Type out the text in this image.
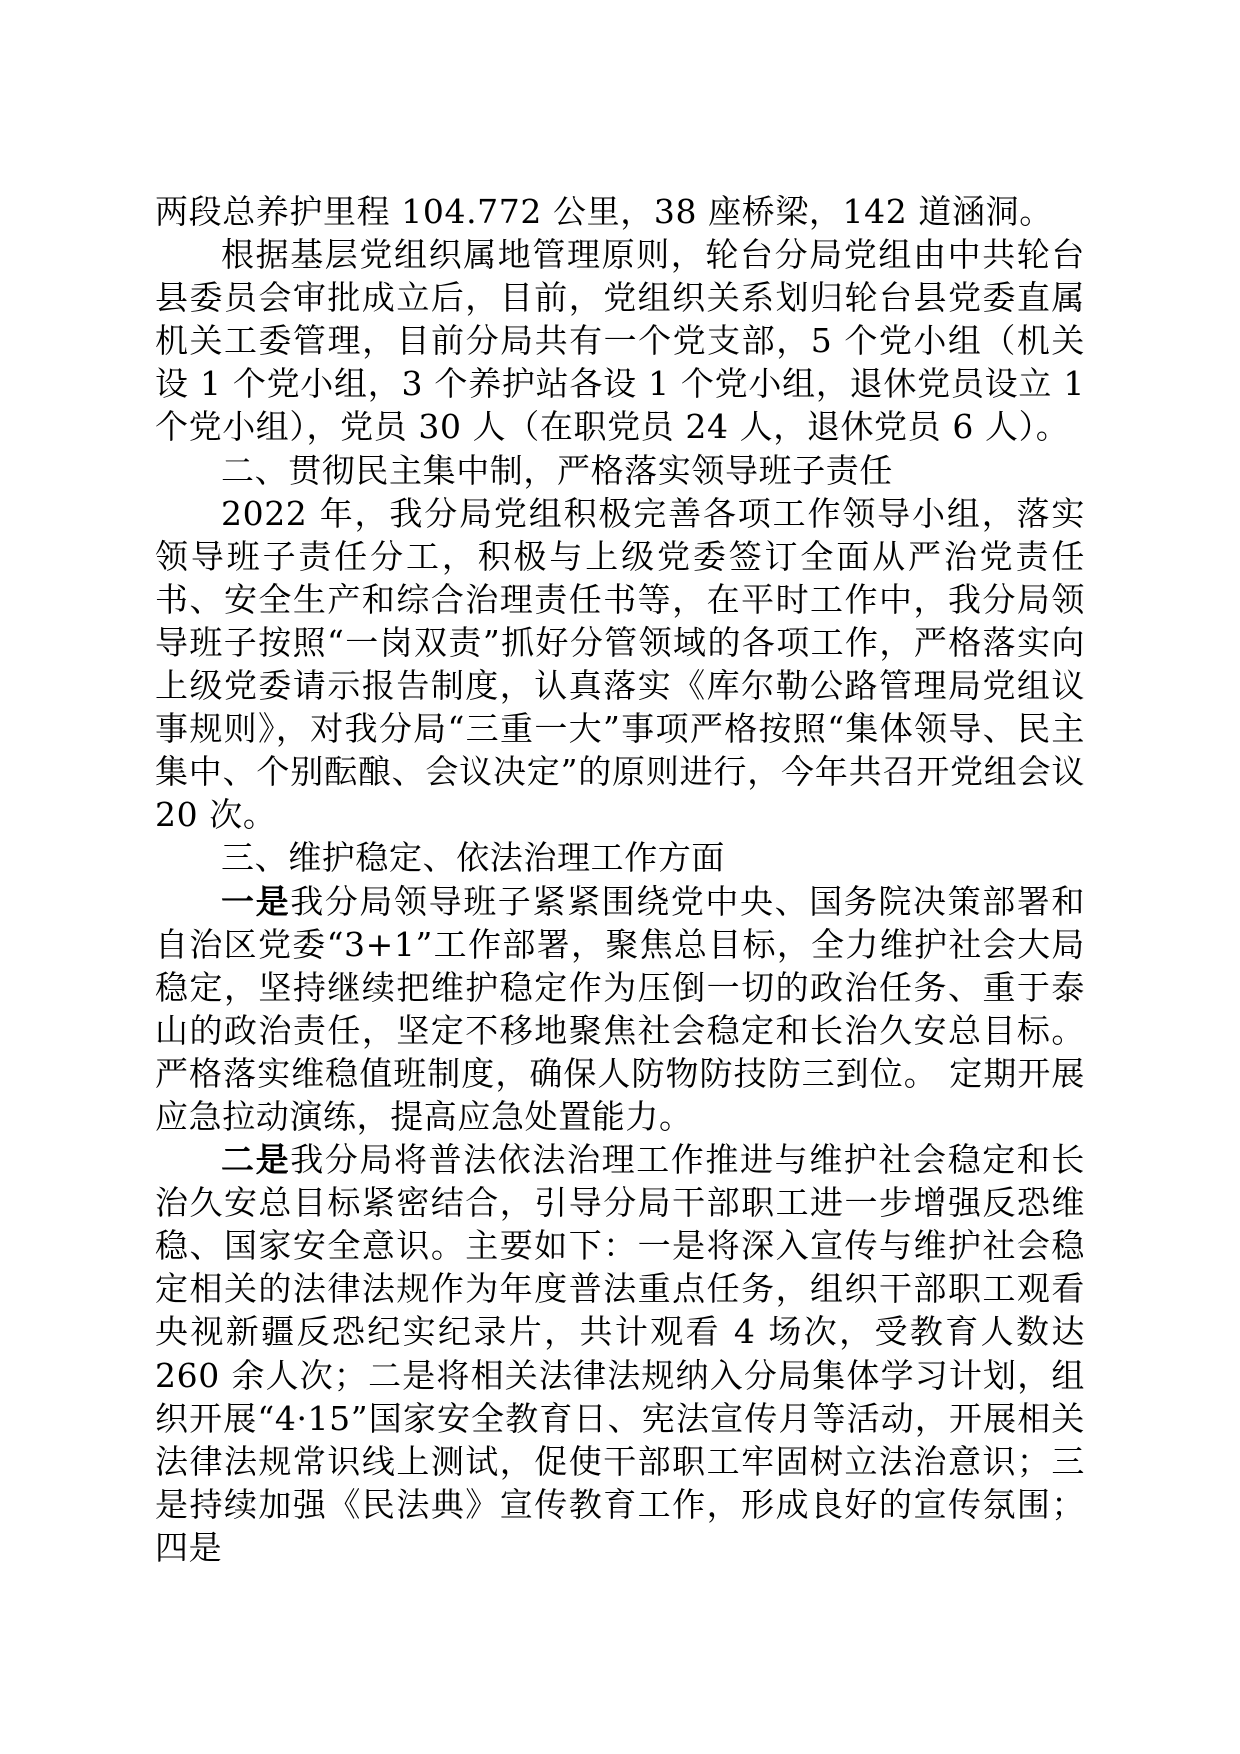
两段总养护里程 104.772 公里，38 座桥梁，142 道涵洞。

根据基层党组织属地管理原则，轮台分局党组由中共轮台县委员会审批成立后，目前，党组织关系划归轮台县党委直属机关工委管理，目前分局共有一个党支部，5 个党小组（机关设 1 个党小组，3 个养护站各设 1 个党小组，退休党员设立 1 个党小组），党员 30 人（在职党员 24 人，退休党员 6 人）。

二、贯彻民主集中制，严格落实领导班子责任

2022 年，我分局党组积极完善各项工作领导小组，落实领导班子责任分工，积极与上级党委签订全面从严治党责任书、安全生产和综合治理责任书等，在平时工作中，我分局领导班子按照“一岗双责”抓好分管领域的各项工作，严格落实向上级党委请示报告制度，认真落实《库尔勒公路管理局党组议事规则》，对我分局“三重一大”事项严格按照“集体领导、民主集中、个别酝酿、会议决定”的原则进行，今年共召开党组会议 20 次。

三、维护稳定、依法治理工作方面

一是我分局领导班子紧紧围绕党中央、国务院决策部署和自治区党委“3+1”工作部署，聚焦总目标，全力维护社会大局稳定，坚持继续把维护稳定作为压倒一切的政治任务、重于泰山的政治责任，坚定不移地聚焦社会稳定和长治久安总目标。 严格落实维稳值班制度，确保人防物防技防三到位。 定期开展应急拉动演练，提高应急处置能力。

二是我分局将普法依法治理工作推进与维护社会稳定和长治久安总目标紧密结合，引导分局干部职工进一步增强反恐维稳、国家安全意识。主要如下：一是将深入宣传与维护社会稳定相关的法律法规作为年度普法重点任务，组织干部职工观看央视新疆反恐纪实纪录片，共计观看 4 场次，受教育人数达 260 余人次；二是将相关法律法规纳入分局集体学习计划，组织开展“4·15”国家安全教育日、宪法宣传月等活动，开展相关法律法规常识线上测试，促使干部职工牢固树立法治意识；三是持续加强《民法典》宣传教育工作，形成良好的宣传氛围；四是
